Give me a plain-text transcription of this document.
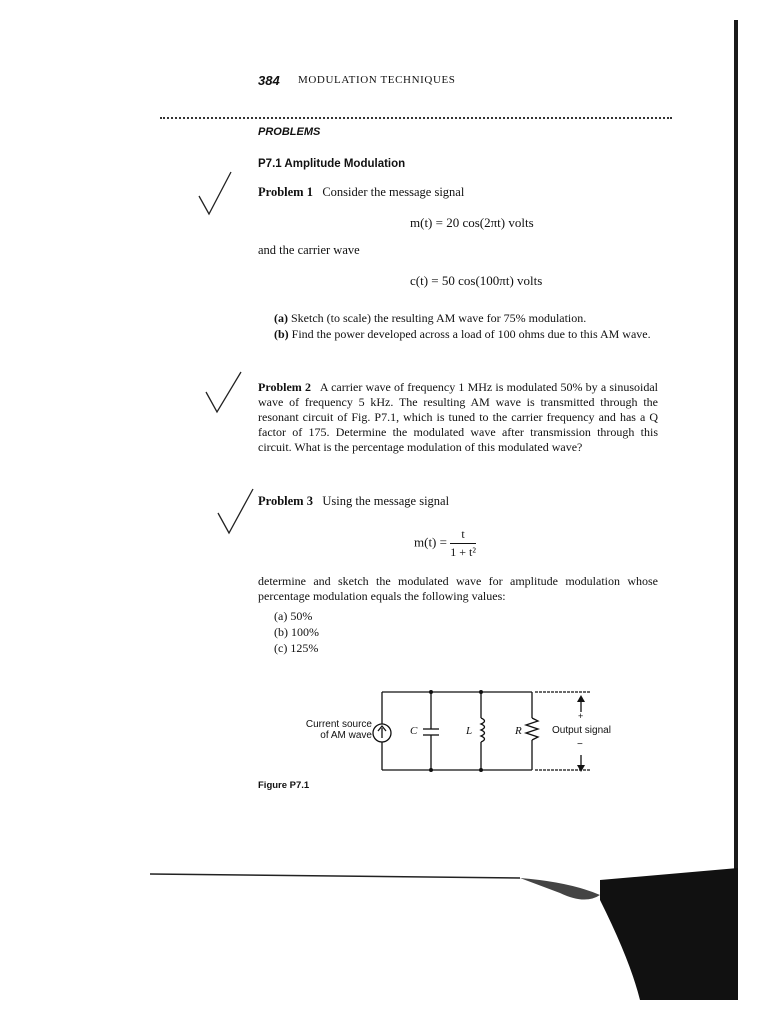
384 MODULATION TECHNIQUES
PROBLEMS
P7.1 Amplitude Modulation
Problem 1 Consider the message signal
m(t) = 20 cos(2πt) volts
and the carrier wave
c(t) = 50 cos(100πt) volts
(a) Sketch (to scale) the resulting AM wave for 75% modulation.
(b) Find the power developed across a load of 100 ohms due to this AM wave.
Problem 2 A carrier wave of frequency 1 MHz is modulated 50% by a sinusoidal wave of frequency 5 kHz. The resulting AM wave is transmitted through the resonant circuit of Fig. P7.1, which is tuned to the carrier frequency and has a Q factor of 175. Determine the modulated wave after transmission through this circuit. What is the percentage modulation of this modulated wave?
Problem 3 Using the message signal
$m(t) = \frac{t}{\text{1 + t²}}$
determine and sketch the modulated wave for amplitude modulation whose percentage modulation equals the following values:
(a) 50%
(b) 100%
(c) 125%
Current source
of AM wave	C	L	R
+
−
Output signal
Figure P7.1
